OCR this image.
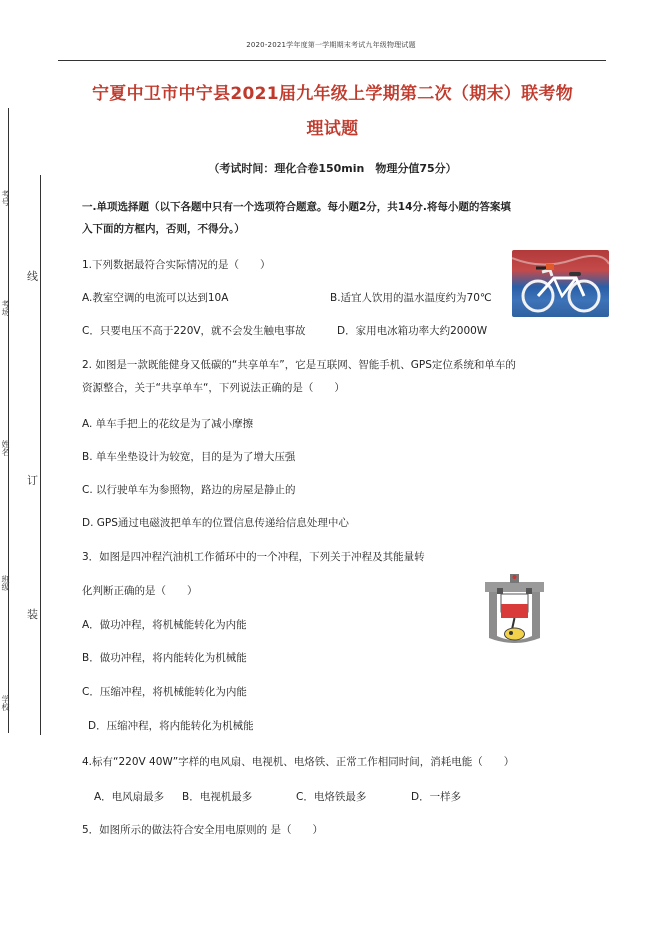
考号
考场
姓名
班级
学校
线
订
装
2020-2021学年度第一学期期末考试九年级物理试题
宁夏中卫市中宁县2021届九年级上学期第二次（期末）联考物
理试题
（考试时间：理化合卷150min　物理分值75分）
一.单项选择题（以下各题中只有一个选项符合题意。每小题2分，共14分.将每小题的答案填
入下面的方框内，否则，不得分。）
1.下列数据最符合实际情况的是（　　）
A.教室空调的电流可以达到10A	B.适宜人饮用的温水温度约为70℃
C．只要电压不高于220V，就不会发生触电事故	D．家用电冰箱功率大约2000W
2. 如图是一款既能健身又低碳的“共享单车”，它是互联网、智能手机、GPS定位系统和单车的
资源整合，关于“共享单车“，下列说法正确的是（　　）
A. 单车手把上的花纹是为了减小摩擦
B. 单车坐垫设计为较宽，目的是为了增大压强
C. 以行驶单车为参照物，路边的房屋是静止的
D. GPS通过电磁波把单车的位置信息传递给信息处理中心
3．如图是四冲程汽油机工作循环中的一个冲程，下列关于冲程及其能量转
化判断正确的是（　　）
A．做功冲程，将机械能转化为内能
B．做功冲程，将内能转化为机械能
C．压缩冲程，将机械能转化为内能
D．压缩冲程，将内能转化为机械能
4.标有“220V 40W”字样的电风扇、电视机、电烙铁、正常工作相同时间，消耗电能（　　）
A．电风扇最多 B．电视机最多	C．电烙铁最多	D．一样多
5．如图所示的做法符合安全用电原则的 是（　　）
